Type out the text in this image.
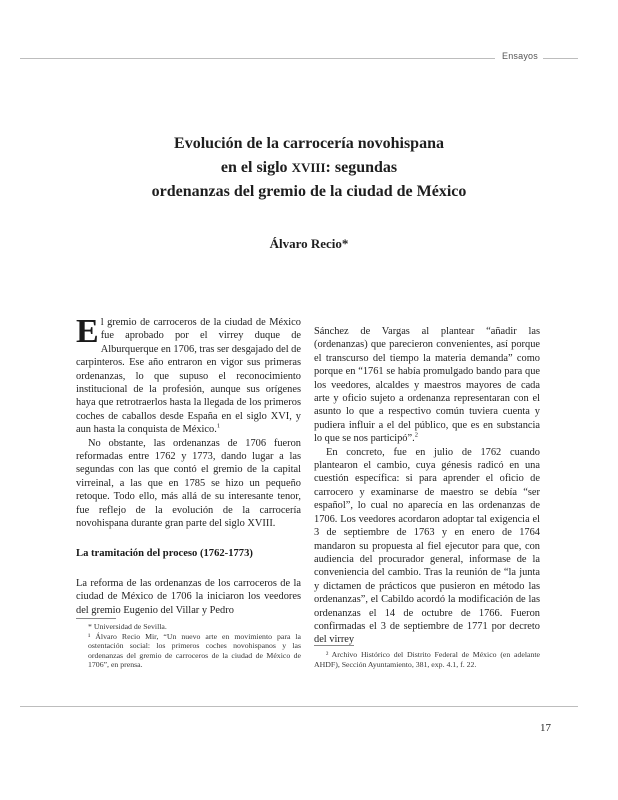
Ensayos
Evolución de la carrocería novohispana
en el siglo XVIII: segundas
ordenanzas del gremio de la ciudad de México
Álvaro Recio*

El gremio de carroceros de la ciudad de México fue aprobado por el virrey duque de Alburquerque en 1706, tras ser desgajado del de carpinteros. Ese año entraron en vigor sus primeras ordenanzas, lo que supuso el reconocimiento institucional de la profesión, aunque sus orígenes haya que retrotraerlos hasta la llegada de los primeros coches de caballos desde España en el siglo XVI, y aun hasta la conquista de México.$^1$

No obstante, las ordenanzas de 1706 fueron reformadas entre 1762 y 1773, dando lugar a las segundas con las que contó el gremio de la capital virreinal, a las que en 1785 se hizo un pequeño retoque. Todo ello, más allá de su interesante tenor, fue reflejo de la evolución de la carrocería novohispana durante gran parte del siglo XVIII.

La tramitación del proceso (1762-1773)
La reforma de las ordenanzas de los carroceros de la ciudad de México de 1706 la iniciaron los veedores del gremio Eugenio del Villar y Pedro

* Universidad de Sevilla.

¹ Álvaro Recio Mir, “Un nuevo arte en movimiento para la ostentación social: los primeros coches novohispanos y las ordenanzas del gremio de carroceros de la ciudad de México de 1706”, en prensa.

Sánchez de Vargas al plantear “añadir las (ordenanzas) que parecieron convenientes, así porque el transcurso del tiempo la materia demanda” como porque en “1761 se había promulgado bando para que los veedores, alcaldes y maestros mayores de cada arte y oficio sujeto a ordenanza representaran con el asunto lo que a respectivo común tuviera cuenta y pudiera influir a el del público, que es en substancia lo que se nos participó”.$^2$

En concreto, fue en julio de 1762 cuando plantearon el cambio, cuya génesis radicó en una cuestión específica: si para aprender el oficio de carrocero y examinarse de maestro se debía “ser español”, lo cual no aparecía en las ordenanzas de 1706. Los veedores acordaron adoptar tal exigencia el 3 de septiembre de 1763 y en enero de 1764 mandaron su propuesta al fiel ejecutor para que, con audiencia del procurador general, informase de la conveniencia del cambio. Tras la reunión de “la junta y dictamen de prácticos que pusieron en método las ordenanzas”, el Cabildo acordó la modificación de las ordenanzas el 14 de octubre de 1766. Fueron confirmadas el 3 de septiembre de 1771 por decreto del virrey

² Archivo Histórico del Distrito Federal de México (en adelante AHDF), Sección Ayuntamiento, 381, exp. 4.1, f. 22.

17
